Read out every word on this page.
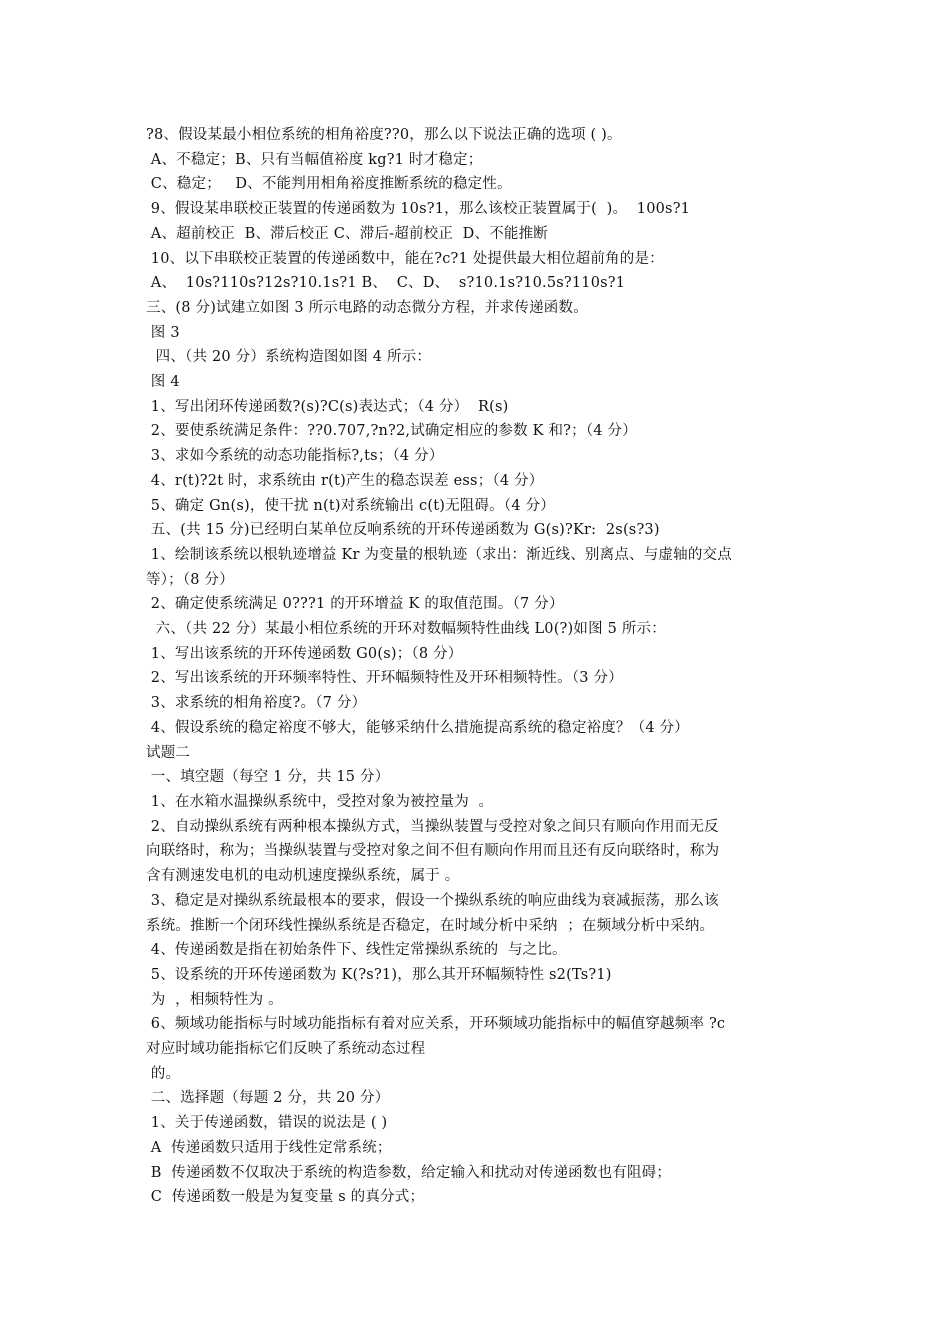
?8、假设某最小相位系统的相角裕度??0，那么以下说法正确的选项 ( )。
A、不稳定；B、只有当幅值裕度 kg?1 时才稳定；
C、稳定；   D、不能判用相角裕度推断系统的稳定性。
9、假设某串联校正装置的传递函数为 10s?1，那么该校正装置属于(  )。  100s?1
A、超前校正  B、滞后校正 C、滞后-超前校正  D、不能推断
10、以下串联校正装置的传递函数中，能在?c?1 处提供最大相位超前角的是：
A、  10s?110s?12s?10.1s?1 B、  C、D、  s?10.1s?10.5s?110s?1
三、(8 分)试建立如图 3 所示电路的动态微分方程，并求传递函数。
图 3
四、（共 20 分）系统构造图如图 4 所示：
图 4
1、写出闭环传递函数?(s)?C(s)表达式；（4 分）  R(s)
2、要使系统满足条件：??0.707,?n?2,试确定相应的参数 K 和?；（4 分）
3、求如今系统的动态功能指标?,ts；（4 分）
4、r(t)?2t 时，求系统由 r(t)产生的稳态误差 ess；（4 分）
5、确定 Gn(s)，使干扰 n(t)对系统输出 c(t)无阻碍。（4 分）
五、(共 15 分)已经明白某单位反响系统的开环传递函数为 G(s)?Kr:  2s(s?3)
1、绘制该系统以根轨迹增益 Kr 为变量的根轨迹（求出：渐近线、别离点、与虚轴的交点
等）；（8 分）
2、确定使系统满足 0???1 的开环增益 K 的取值范围。（7 分）
六、（共 22 分）某最小相位系统的开环对数幅频特性曲线 L0(?)如图 5 所示：
1、写出该系统的开环传递函数 G0(s)；（8 分）
2、写出该系统的开环频率特性、开环幅频特性及开环相频特性。（3 分）
3、求系统的相角裕度?。（7 分）
4、假设系统的稳定裕度不够大，能够采纳什么措施提高系统的稳定裕度？（4 分）
试题二
一、填空题（每空 1 分，共 15 分）
1、在水箱水温操纵系统中，受控对象为被控量为  。
2、自动操纵系统有两种根本操纵方式，当操纵装置与受控对象之间只有顺向作用而无反
向联络时，称为；当操纵装置与受控对象之间不但有顺向作用而且还有反向联络时，称为
含有测速发电机的电动机速度操纵系统，属于 。
3、稳定是对操纵系统最根本的要求，假设一个操纵系统的响应曲线为衰减振荡，那么该
系统。推断一个闭环线性操纵系统是否稳定，在时域分析中采纳  ；在频域分析中采纳。
4、传递函数是指在初始条件下、线性定常操纵系统的  与之比。
5、设系统的开环传递函数为 K(?s?1)，那么其开环幅频特性 s2(Ts?1)
为  ，相频特性为 。
6、频域功能指标与时域功能指标有着对应关系，开环频域功能指标中的幅值穿越频率 ?c
对应时域功能指标它们反映了系统动态过程
的。
二、选择题（每题 2 分，共 20 分）
1、关于传递函数，错误的说法是 ( )
A  传递函数只适用于线性定常系统；
B  传递函数不仅取决于系统的构造参数，给定输入和扰动对传递函数也有阻碍；
C  传递函数一般是为复变量 s 的真分式；
